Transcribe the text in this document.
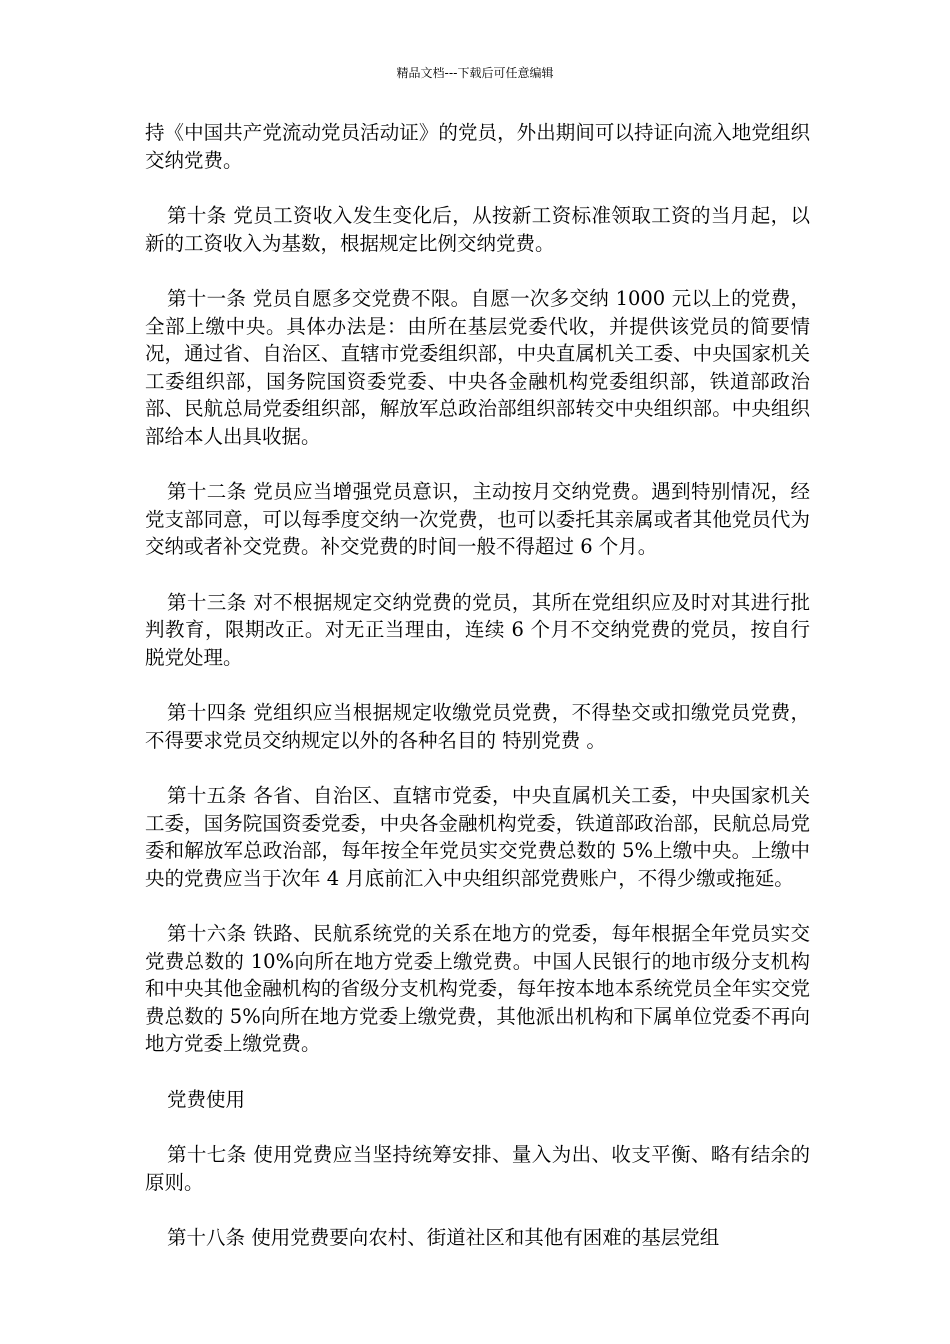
精品文档---下载后可任意编辑

持《中国共产党流动党员活动证》的党员，外出期间可以持证向流入地党组织交纳党费。

第十条 党员工资收入发生变化后，从按新工资标准领取工资的当月起，以新的工资收入为基数，根据规定比例交纳党费。

第十一条 党员自愿多交党费不限。自愿一次多交纳 1000 元以上的党费，全部上缴中央。具体办法是：由所在基层党委代收，并提供该党员的简要情况，通过省、自治区、直辖市党委组织部，中央直属机关工委、中央国家机关工委组织部，国务院国资委党委、中央各金融机构党委组织部，铁道部政治部、民航总局党委组织部，解放军总政治部组织部转交中央组织部。中央组织部给本人出具收据。

第十二条 党员应当增强党员意识，主动按月交纳党费。遇到特别情况，经党支部同意，可以每季度交纳一次党费，也可以委托其亲属或者其他党员代为交纳或者补交党费。补交党费的时间一般不得超过 6 个月。

第十三条 对不根据规定交纳党费的党员，其所在党组织应及时对其进行批判教育，限期改正。对无正当理由，连续 6 个月不交纳党费的党员，按自行脱党处理。

第十四条 党组织应当根据规定收缴党员党费，不得垫交或扣缴党员党费，不得要求党员交纳规定以外的各种名目的 特别党费 。

第十五条 各省、自治区、直辖市党委，中央直属机关工委，中央国家机关工委，国务院国资委党委，中央各金融机构党委，铁道部政治部，民航总局党委和解放军总政治部，每年按全年党员实交党费总数的 5%上缴中央。上缴中央的党费应当于次年 4 月底前汇入中央组织部党费账户，不得少缴或拖延。

第十六条 铁路、民航系统党的关系在地方的党委，每年根据全年党员实交党费总数的 10%向所在地方党委上缴党费。中国人民银行的地市级分支机构和中央其他金融机构的省级分支机构党委，每年按本地本系统党员全年实交党费总数的 5%向所在地方党委上缴党费，其他派出机构和下属单位党委不再向地方党委上缴党费。

党费使用

第十七条 使用党费应当坚持统筹安排、量入为出、收支平衡、略有结余的原则。

第十八条 使用党费要向农村、街道社区和其他有困难的基层党组
